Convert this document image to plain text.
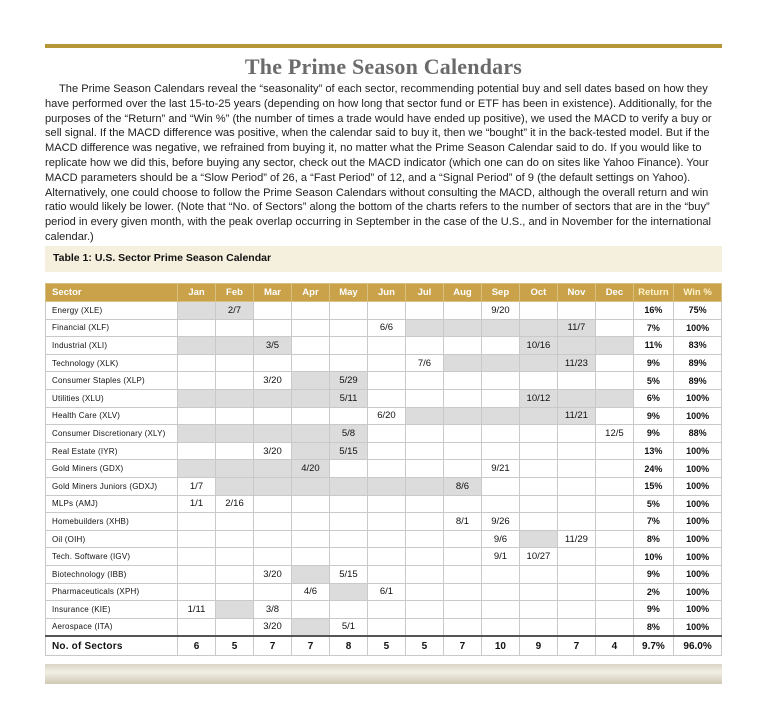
The Prime Season Calendars

The Prime Season Calendars reveal the “seasonality” of each sector, recommending potential buy and sell dates based on how they have performed over the last 15-to-25 years (depending on how long that sector fund or ETF has been in existence). Additionally, for the purposes of the “Return” and “Win %” (the number of times a trade would have ended up positive), we used the MACD to verify a buy or sell signal. If the MACD difference was positive, when the calendar said to buy it, then we “bought” it in the back-tested model. But if the MACD difference was negative, we refrained from buying it, no matter what the Prime Season Calendar said to do. If you would like to replicate how we did this, before buying any sector, check out the MACD indicator (which one can do on sites like Yahoo Finance). Your MACD parameters should be a “Slow Period” of 26, a “Fast Period” of 12, and a “Signal Period” of 9 (the default settings on Yahoo). Alternatively, one could choose to follow the Prime Season Calendars without consulting the MACD, although the overall return and win ratio would likely be lower. (Note that “No. of Sectors” along the bottom of the charts refers to the number of sectors that are in the “buy” period in every given month, with the peak overlap occurring in September in the case of the U.S., and in November for the international calendar.)

Table 1: U.S. Sector Prime Season Calendar
Sector	Jan	Feb	Mar	Apr	May	Jun	Jul	Aug	Sep	Oct	Nov	Dec	Return	Win %
Energy (XLE)		2/7							9/20				16%	75%
Financial (XLF)						6/6					11/7		7%	100%
Industrial (XLI)			3/5							10/16			11%	83%
Technology (XLK)							7/6				11/23		9%	89%
Consumer Staples (XLP)			3/20		5/29								5%	89%
Utilities (XLU)					5/11					10/12			6%	100%
Health Care (XLV)						6/20					11/21		9%	100%
Consumer Discretionary (XLY)					5/8							12/5	9%	88%
Real Estate (IYR)			3/20		5/15								13%	100%
Gold Miners (GDX)				4/20					9/21				24%	100%
Gold Miners Juniors (GDXJ)	1/7							8/6					15%	100%
MLPs (AMJ)	1/1	2/16											5%	100%
Homebuilders (XHB)								8/1	9/26				7%	100%
Oil (OIH)									9/6		11/29		8%	100%
Tech. Software (IGV)									9/1	10/27			10%	100%
Biotechnology (IBB)			3/20		5/15								9%	100%
Pharmaceuticals (XPH)				4/6		6/1							2%	100%
Insurance (KIE)	1/11		3/8										9%	100%
Aerospace (ITA)			3/20		5/1								8%	100%
No. of Sectors	6	5	7	7	8	5	5	7	10	9	7	4	9.7%	96.0%
